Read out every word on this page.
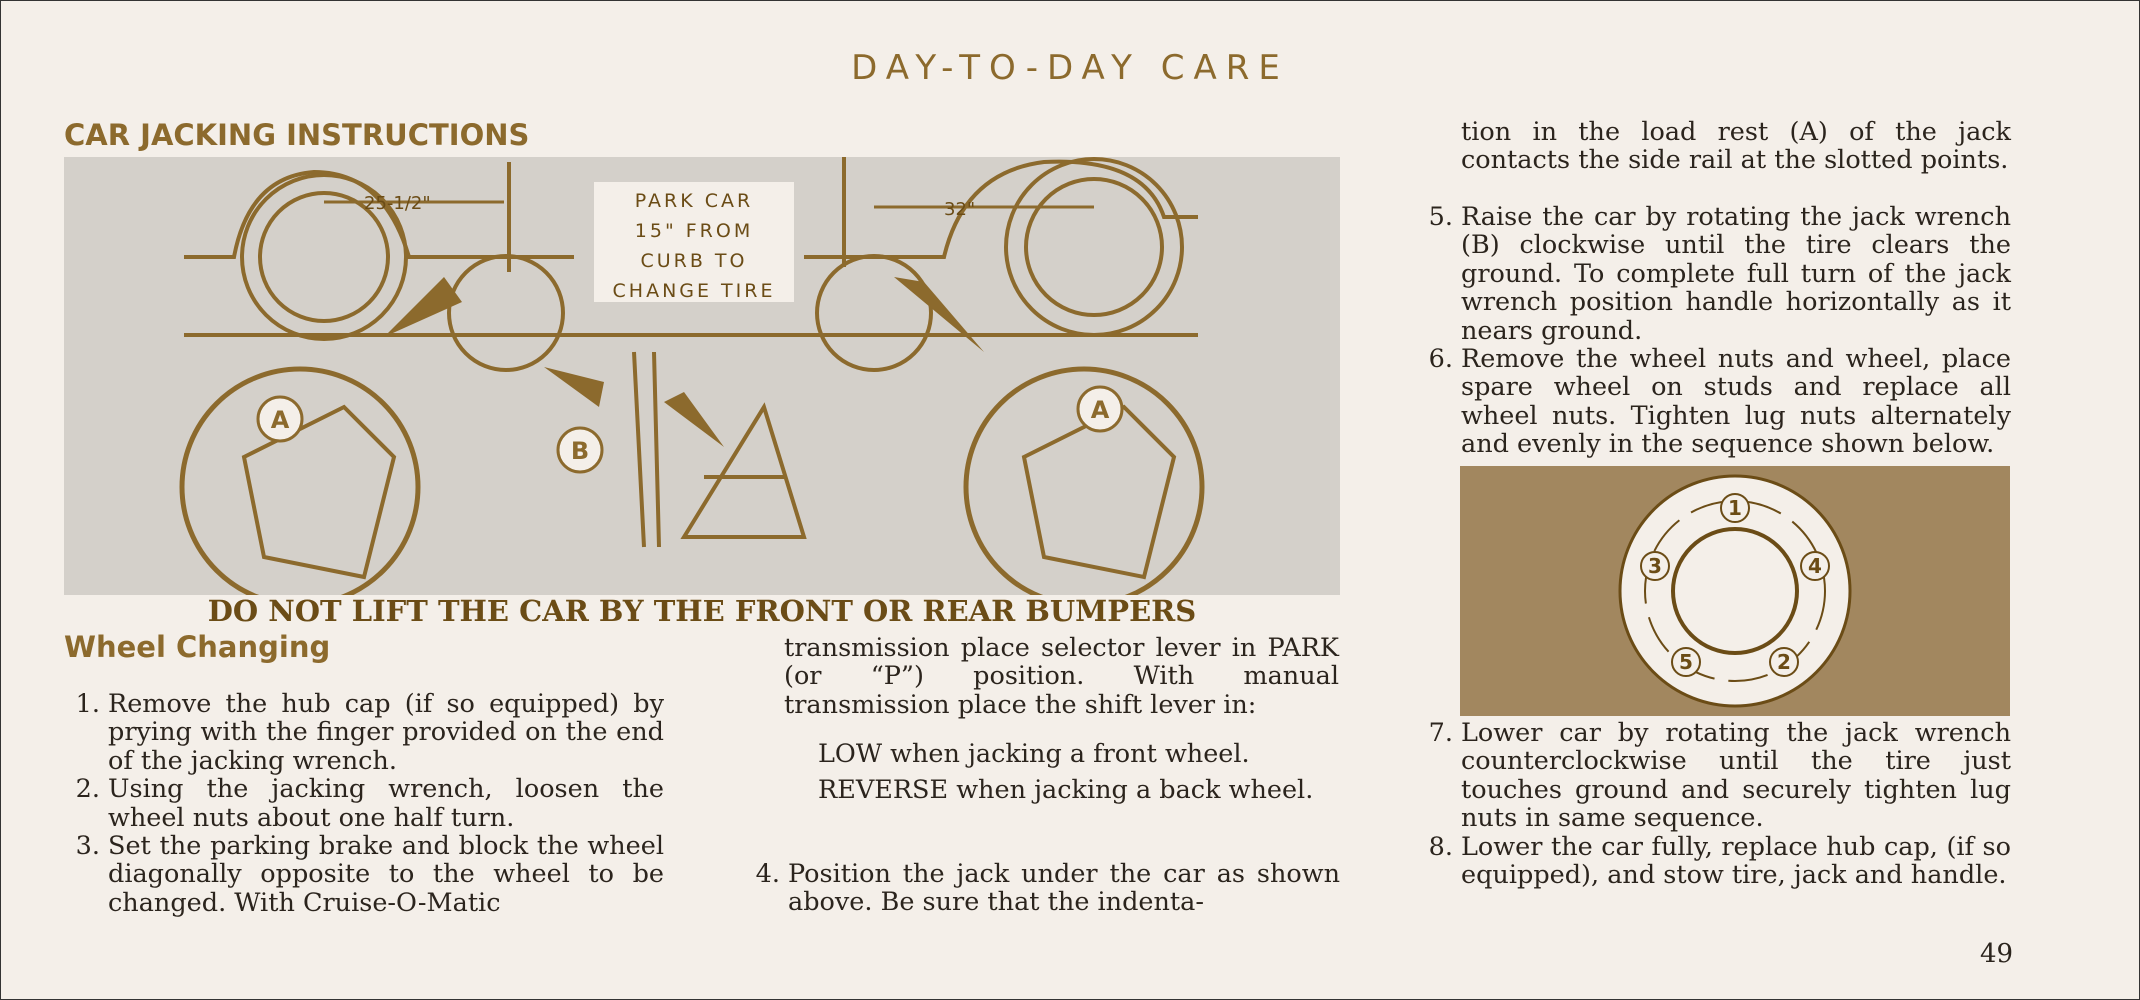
DAY-TO-DAY CARE
CAR JACKING INSTRUCTIONS
PARK CAR
15" FROM
CURB TO
CHANGE TIRE
25-1/2"	32"
A
B
A
DO NOT LIFT THE CAR BY THE FRONT OR REAR BUMPERS
Wheel Changing
1. Remove the hub cap (if so equipped) by prying with the finger provided on the end of the jacking wrench.
2. Using the jacking wrench, loosen the wheel nuts about one half turn.
3. Set the parking brake and block the wheel diagonally opposite to the wheel to be changed. With Cruise-O-Matic
transmission place selector lever in PARK (or “P”) position. With manual transmission place the shift lever in:
LOW when jacking a front wheel.
REVERSE when jacking a back wheel.
4. Position the jack under the car as shown above. Be sure that the indenta-
tion in the load rest (A) of the jack contacts the side rail at the slotted points.
5. Raise the car by rotating the jack wrench (B) clockwise until the tire clears the ground. To complete full turn of the jack wrench position handle horizontally as it nears ground.
6. Remove the wheel nuts and wheel, place spare wheel on studs and replace all wheel nuts. Tighten lug nuts alternately and evenly in the sequence shown below.
1
4
2
5
3
7. Lower car by rotating the jack wrench counterclockwise until the tire just touches ground and securely tighten lug nuts in same sequence.
8. Lower the car fully, replace hub cap, (if so equipped), and stow tire, jack and handle.
49
